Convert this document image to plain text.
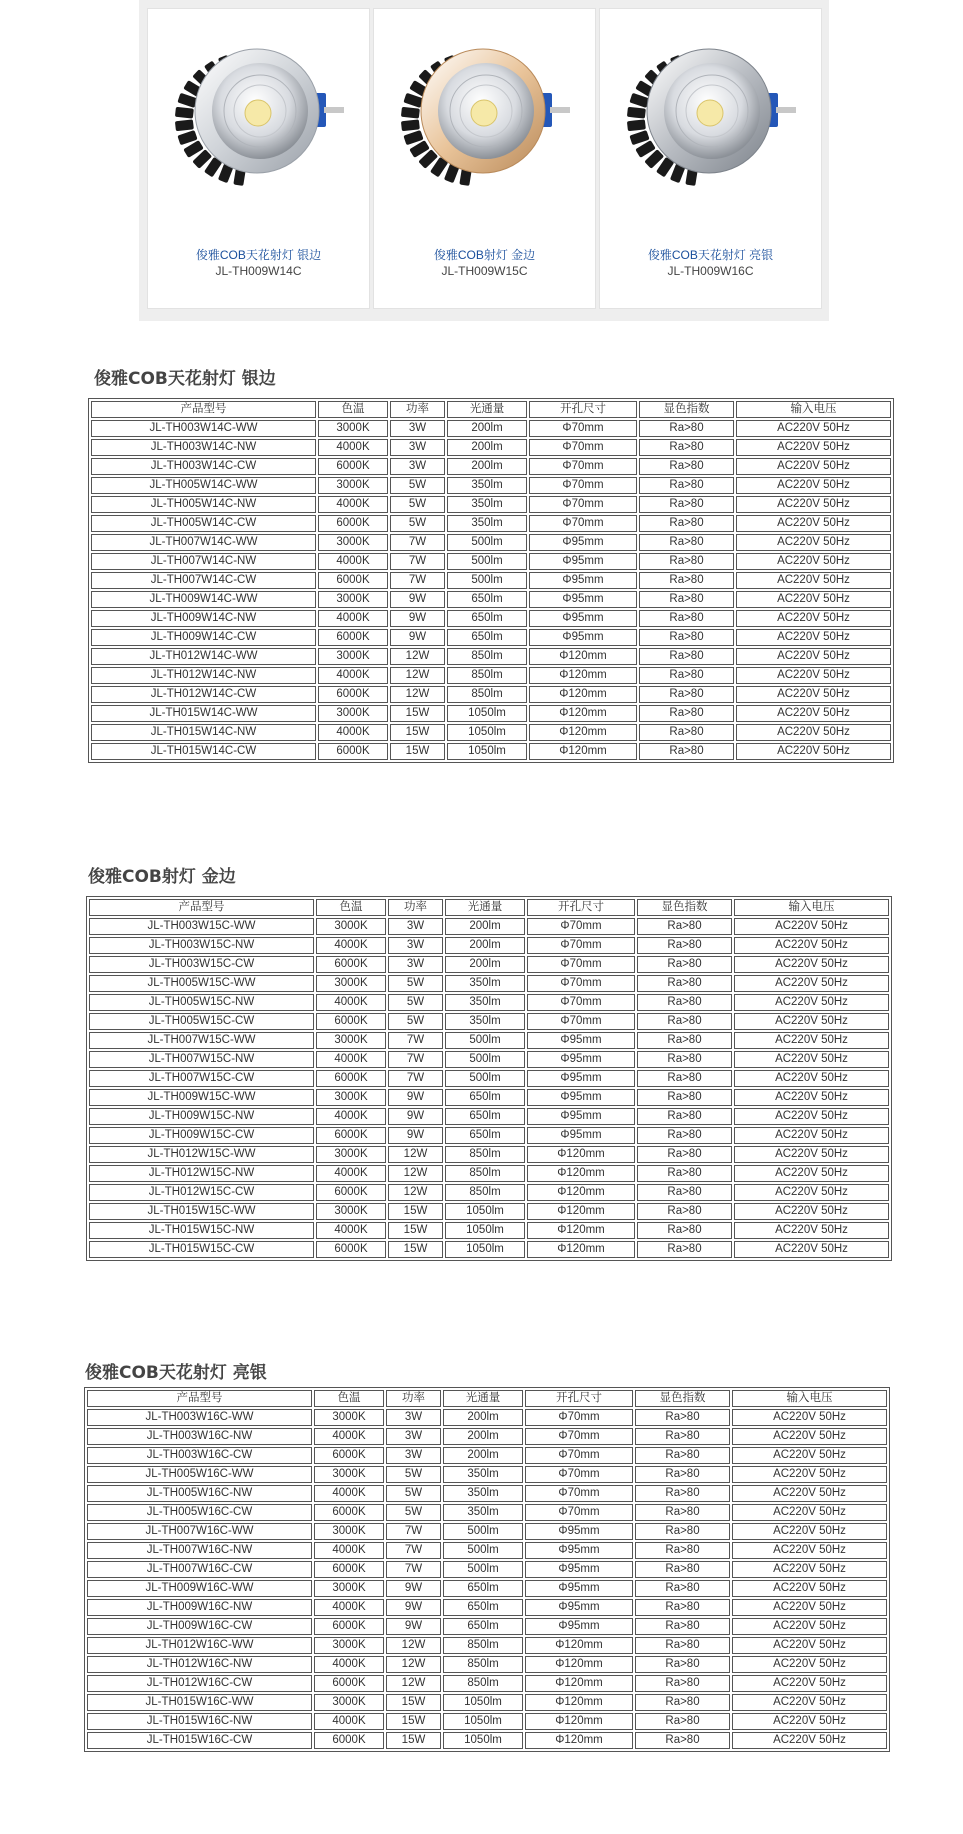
俊雅COB天花射灯 银边
JL-TH009W14C
俊雅COB射灯 金边
JL-TH009W15C
俊雅COB天花射灯 亮银
JL-TH009W16C
俊雅COB天花射灯 银边
产品型号	色温	功率	光通量	开孔尺寸	显色指数	输入电压
JL-TH003W14C-WW	3000K	3W	200lm	Φ70mm	Ra>80	AC220V 50Hz
JL-TH003W14C-NW	4000K	3W	200lm	Φ70mm	Ra>80	AC220V 50Hz
JL-TH003W14C-CW	6000K	3W	200lm	Φ70mm	Ra>80	AC220V 50Hz
JL-TH005W14C-WW	3000K	5W	350lm	Φ70mm	Ra>80	AC220V 50Hz
JL-TH005W14C-NW	4000K	5W	350lm	Φ70mm	Ra>80	AC220V 50Hz
JL-TH005W14C-CW	6000K	5W	350lm	Φ70mm	Ra>80	AC220V 50Hz
JL-TH007W14C-WW	3000K	7W	500lm	Φ95mm	Ra>80	AC220V 50Hz
JL-TH007W14C-NW	4000K	7W	500lm	Φ95mm	Ra>80	AC220V 50Hz
JL-TH007W14C-CW	6000K	7W	500lm	Φ95mm	Ra>80	AC220V 50Hz
JL-TH009W14C-WW	3000K	9W	650lm	Φ95mm	Ra>80	AC220V 50Hz
JL-TH009W14C-NW	4000K	9W	650lm	Φ95mm	Ra>80	AC220V 50Hz
JL-TH009W14C-CW	6000K	9W	650lm	Φ95mm	Ra>80	AC220V 50Hz
JL-TH012W14C-WW	3000K	12W	850lm	Φ120mm	Ra>80	AC220V 50Hz
JL-TH012W14C-NW	4000K	12W	850lm	Φ120mm	Ra>80	AC220V 50Hz
JL-TH012W14C-CW	6000K	12W	850lm	Φ120mm	Ra>80	AC220V 50Hz
JL-TH015W14C-WW	3000K	15W	1050lm	Φ120mm	Ra>80	AC220V 50Hz
JL-TH015W14C-NW	4000K	15W	1050lm	Φ120mm	Ra>80	AC220V 50Hz
JL-TH015W14C-CW	6000K	15W	1050lm	Φ120mm	Ra>80	AC220V 50Hz
俊雅COB射灯 金边
产品型号	色温	功率	光通量	开孔尺寸	显色指数	输入电压
JL-TH003W15C-WW	3000K	3W	200lm	Φ70mm	Ra>80	AC220V 50Hz
JL-TH003W15C-NW	4000K	3W	200lm	Φ70mm	Ra>80	AC220V 50Hz
JL-TH003W15C-CW	6000K	3W	200lm	Φ70mm	Ra>80	AC220V 50Hz
JL-TH005W15C-WW	3000K	5W	350lm	Φ70mm	Ra>80	AC220V 50Hz
JL-TH005W15C-NW	4000K	5W	350lm	Φ70mm	Ra>80	AC220V 50Hz
JL-TH005W15C-CW	6000K	5W	350lm	Φ70mm	Ra>80	AC220V 50Hz
JL-TH007W15C-WW	3000K	7W	500lm	Φ95mm	Ra>80	AC220V 50Hz
JL-TH007W15C-NW	4000K	7W	500lm	Φ95mm	Ra>80	AC220V 50Hz
JL-TH007W15C-CW	6000K	7W	500lm	Φ95mm	Ra>80	AC220V 50Hz
JL-TH009W15C-WW	3000K	9W	650lm	Φ95mm	Ra>80	AC220V 50Hz
JL-TH009W15C-NW	4000K	9W	650lm	Φ95mm	Ra>80	AC220V 50Hz
JL-TH009W15C-CW	6000K	9W	650lm	Φ95mm	Ra>80	AC220V 50Hz
JL-TH012W15C-WW	3000K	12W	850lm	Φ120mm	Ra>80	AC220V 50Hz
JL-TH012W15C-NW	4000K	12W	850lm	Φ120mm	Ra>80	AC220V 50Hz
JL-TH012W15C-CW	6000K	12W	850lm	Φ120mm	Ra>80	AC220V 50Hz
JL-TH015W15C-WW	3000K	15W	1050lm	Φ120mm	Ra>80	AC220V 50Hz
JL-TH015W15C-NW	4000K	15W	1050lm	Φ120mm	Ra>80	AC220V 50Hz
JL-TH015W15C-CW	6000K	15W	1050lm	Φ120mm	Ra>80	AC220V 50Hz
俊雅COB天花射灯 亮银
产品型号	色温	功率	光通量	开孔尺寸	显色指数	输入电压
JL-TH003W16C-WW	3000K	3W	200lm	Φ70mm	Ra>80	AC220V 50Hz
JL-TH003W16C-NW	4000K	3W	200lm	Φ70mm	Ra>80	AC220V 50Hz
JL-TH003W16C-CW	6000K	3W	200lm	Φ70mm	Ra>80	AC220V 50Hz
JL-TH005W16C-WW	3000K	5W	350lm	Φ70mm	Ra>80	AC220V 50Hz
JL-TH005W16C-NW	4000K	5W	350lm	Φ70mm	Ra>80	AC220V 50Hz
JL-TH005W16C-CW	6000K	5W	350lm	Φ70mm	Ra>80	AC220V 50Hz
JL-TH007W16C-WW	3000K	7W	500lm	Φ95mm	Ra>80	AC220V 50Hz
JL-TH007W16C-NW	4000K	7W	500lm	Φ95mm	Ra>80	AC220V 50Hz
JL-TH007W16C-CW	6000K	7W	500lm	Φ95mm	Ra>80	AC220V 50Hz
JL-TH009W16C-WW	3000K	9W	650lm	Φ95mm	Ra>80	AC220V 50Hz
JL-TH009W16C-NW	4000K	9W	650lm	Φ95mm	Ra>80	AC220V 50Hz
JL-TH009W16C-CW	6000K	9W	650lm	Φ95mm	Ra>80	AC220V 50Hz
JL-TH012W16C-WW	3000K	12W	850lm	Φ120mm	Ra>80	AC220V 50Hz
JL-TH012W16C-NW	4000K	12W	850lm	Φ120mm	Ra>80	AC220V 50Hz
JL-TH012W16C-CW	6000K	12W	850lm	Φ120mm	Ra>80	AC220V 50Hz
JL-TH015W16C-WW	3000K	15W	1050lm	Φ120mm	Ra>80	AC220V 50Hz
JL-TH015W16C-NW	4000K	15W	1050lm	Φ120mm	Ra>80	AC220V 50Hz
JL-TH015W16C-CW	6000K	15W	1050lm	Φ120mm	Ra>80	AC220V 50Hz
